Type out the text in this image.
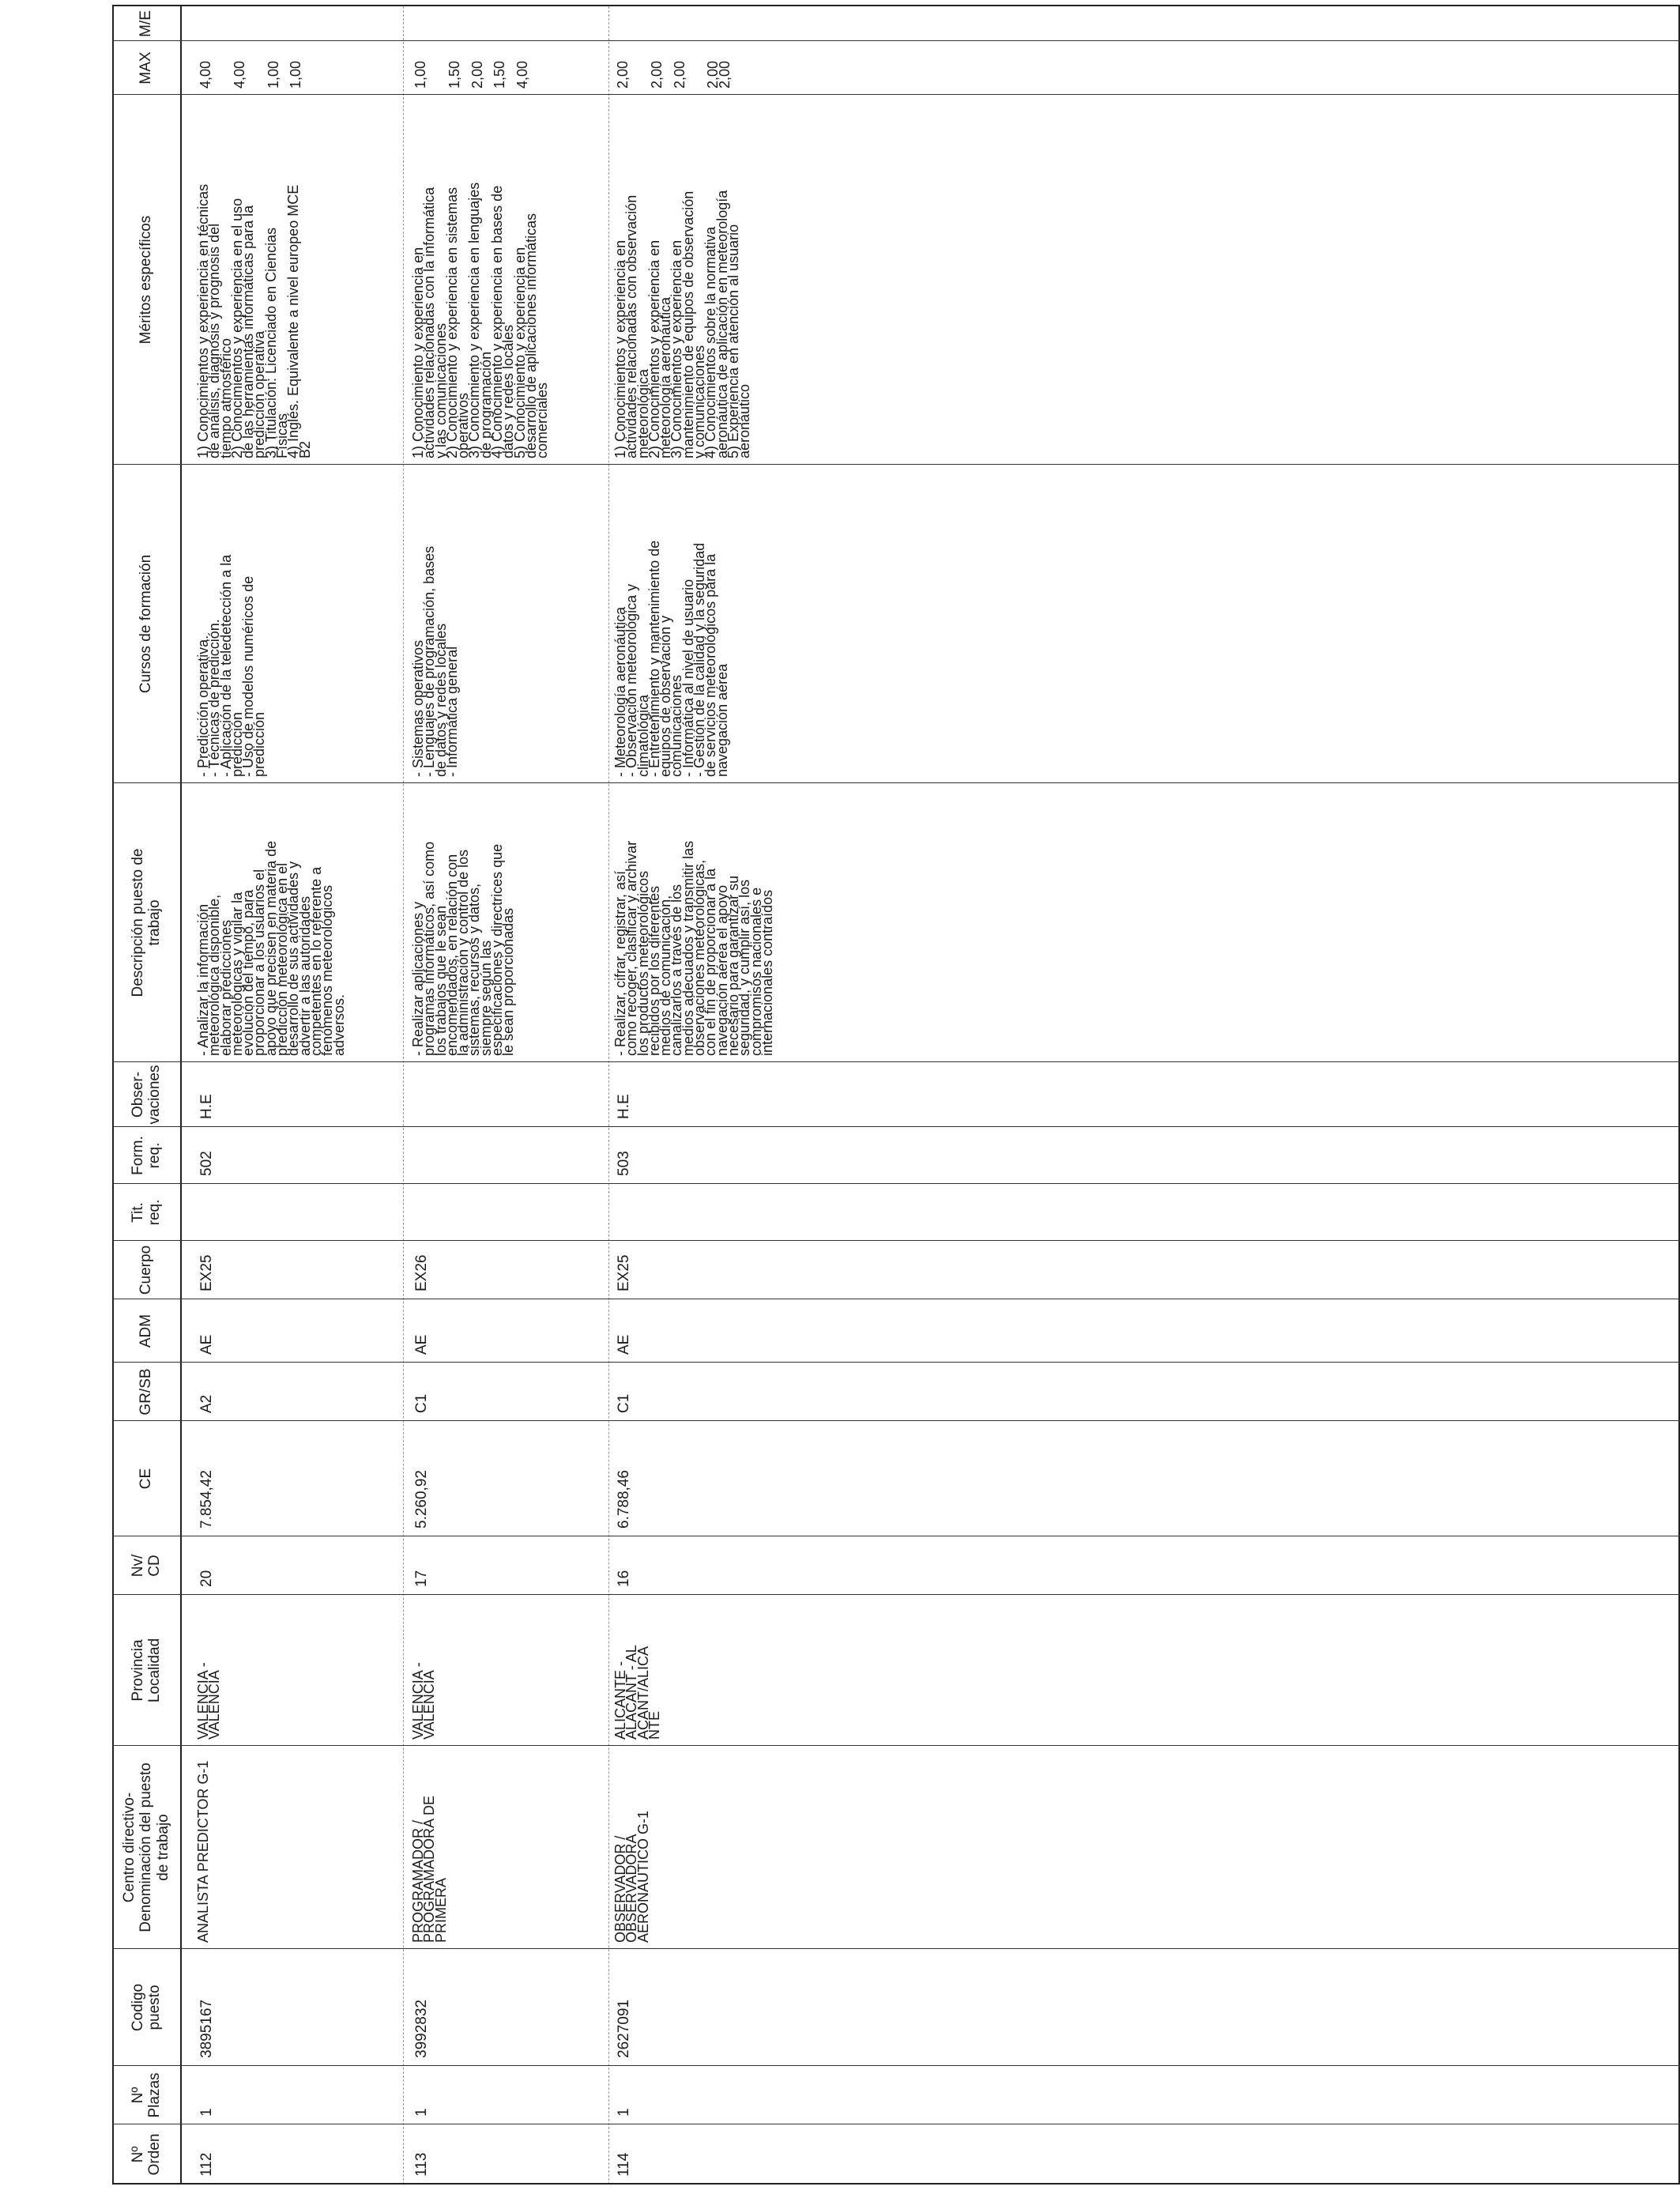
Nº
Orden
Nº
Plazas
Codigo
puesto
Centro directivo-
Denominación del puesto
de trabajo
Provincia
Localidad
Nv/
CD
CE
GR/SB
ADM
Cuerpo
Tit.
req.
Form.
req.
Obser-
vaciones
Descripción puesto de
trabajo
Cursos de formación
Méritos específicos
MAX
M/E
112
1
3895167
20
7.854,42
A2
AE
EX25
502
H.E
ANALISTA PREDICTOR G-1
VALENCIA -
VALENCIA
- Analizar la información
meteorológica disponible,
elaborar predicciones
meteorológicas y vigilar la
evolución del tiempo, para
proporcionar a los usuarios el
apoyo que precisen en materia de
predicción meteorológica en el
desarrollo de sus actividades y
advertir a las autoridades
competentes en lo referente a
fenómenos meteorológicos
adversos.
- Predicción operativa.
- Técnicas de predicción.
- Aplicación de la teledetección a la
predicción
- Uso de modelos numéricos de
predicción
1) Conocimientos y experiencia en técnicas
de análisis, diagnosis y prognosis del
tiempo atmosférico
2) Conocimientos y experiencia en el uso
de las herramientas informáticas para la
predicción operativa
3) Titulación: Licenciado en Ciencias
Físicas
4) Inglés. Equivalente a nivel europeo MCE
B2
4,00 4,00 1,00 1,00
113
1
3992832
17
5.260,92
C1
AE
EX26
PROGRAMADOR /
PROGRAMADORA DE
PRIMERA
VALENCIA -
VALENCIA
- Realizar aplicaciones y
programas informáticos, así como
los trabajos que le sean
encomendados, en relación con
la administración y control de los
sistemas, recursos y datos,
siempre según las
especificaciones y directrices que
le sean proporcionadas
- Sistemas operativos
- Lenguajes de programación, bases
de datos y redes locales
- Informática general
1) Conocimiento y experiencia en
actividades relacionadas con la informática
y las comunicaciones
2) Conocimiento y experiencia en sistemas
operativos
3) Conocimiento y experiencia en lenguajes
de programación
4) Conocimiento y experiencia en bases de
datos y redes locales
5) Conocimiento y experiencia en
desarrollo de aplicaciones informáticas
comerciales
1,00 1,50 2,00 1,50 4,00
114
1
2627091
16
6.788,46
C1
AE
EX25
503
H.E
OBSERVADOR /
OBSERVADORA
AERONAUTICO G-1
ALICANTE -
ALACANT - AL
ACANT/ALICA
NTE
- Realizar, cifrar, registrar, así
como recoger, clasificar y archivar
los productos meteorológicos
recibidos por los diferentes
medios de comunicación,
canalizarlos a través de los
medios adecuados y transmitir las
observaciones meteorológicas,
con el fin de proporcionar a la
navegación aérea el apoyo
necesario para garantizar su
seguridad, y cumplir así, los
compromisos nacionales e
internacionales contraídos
- Meteorología aeronáutica
- Observación meteorológica y
climatológica
- Entretenimiento y mantenimiento de
equipos de observación y
comunicaciones
- Informática al nivel de usuario
- Gestión de la calidad y la seguridad
de servicios meteorológicos para la
navegación aérea
1) Conocimientos y experiencia en
actividades relacionadas con observación
meteorológica
2) Conocimientos y experiencia en
meteorología aeronáutica
3) Conocimientos y experiencia en
mantenimiento de equipos de observación
y comunicaciones
4) Conocimientos sobre la normativa
aeronáutica de aplicación en meteorología
5) Experiencia en atención al usuario
aeronáutico
2,00 2,00 2,00 2,00
2,00
